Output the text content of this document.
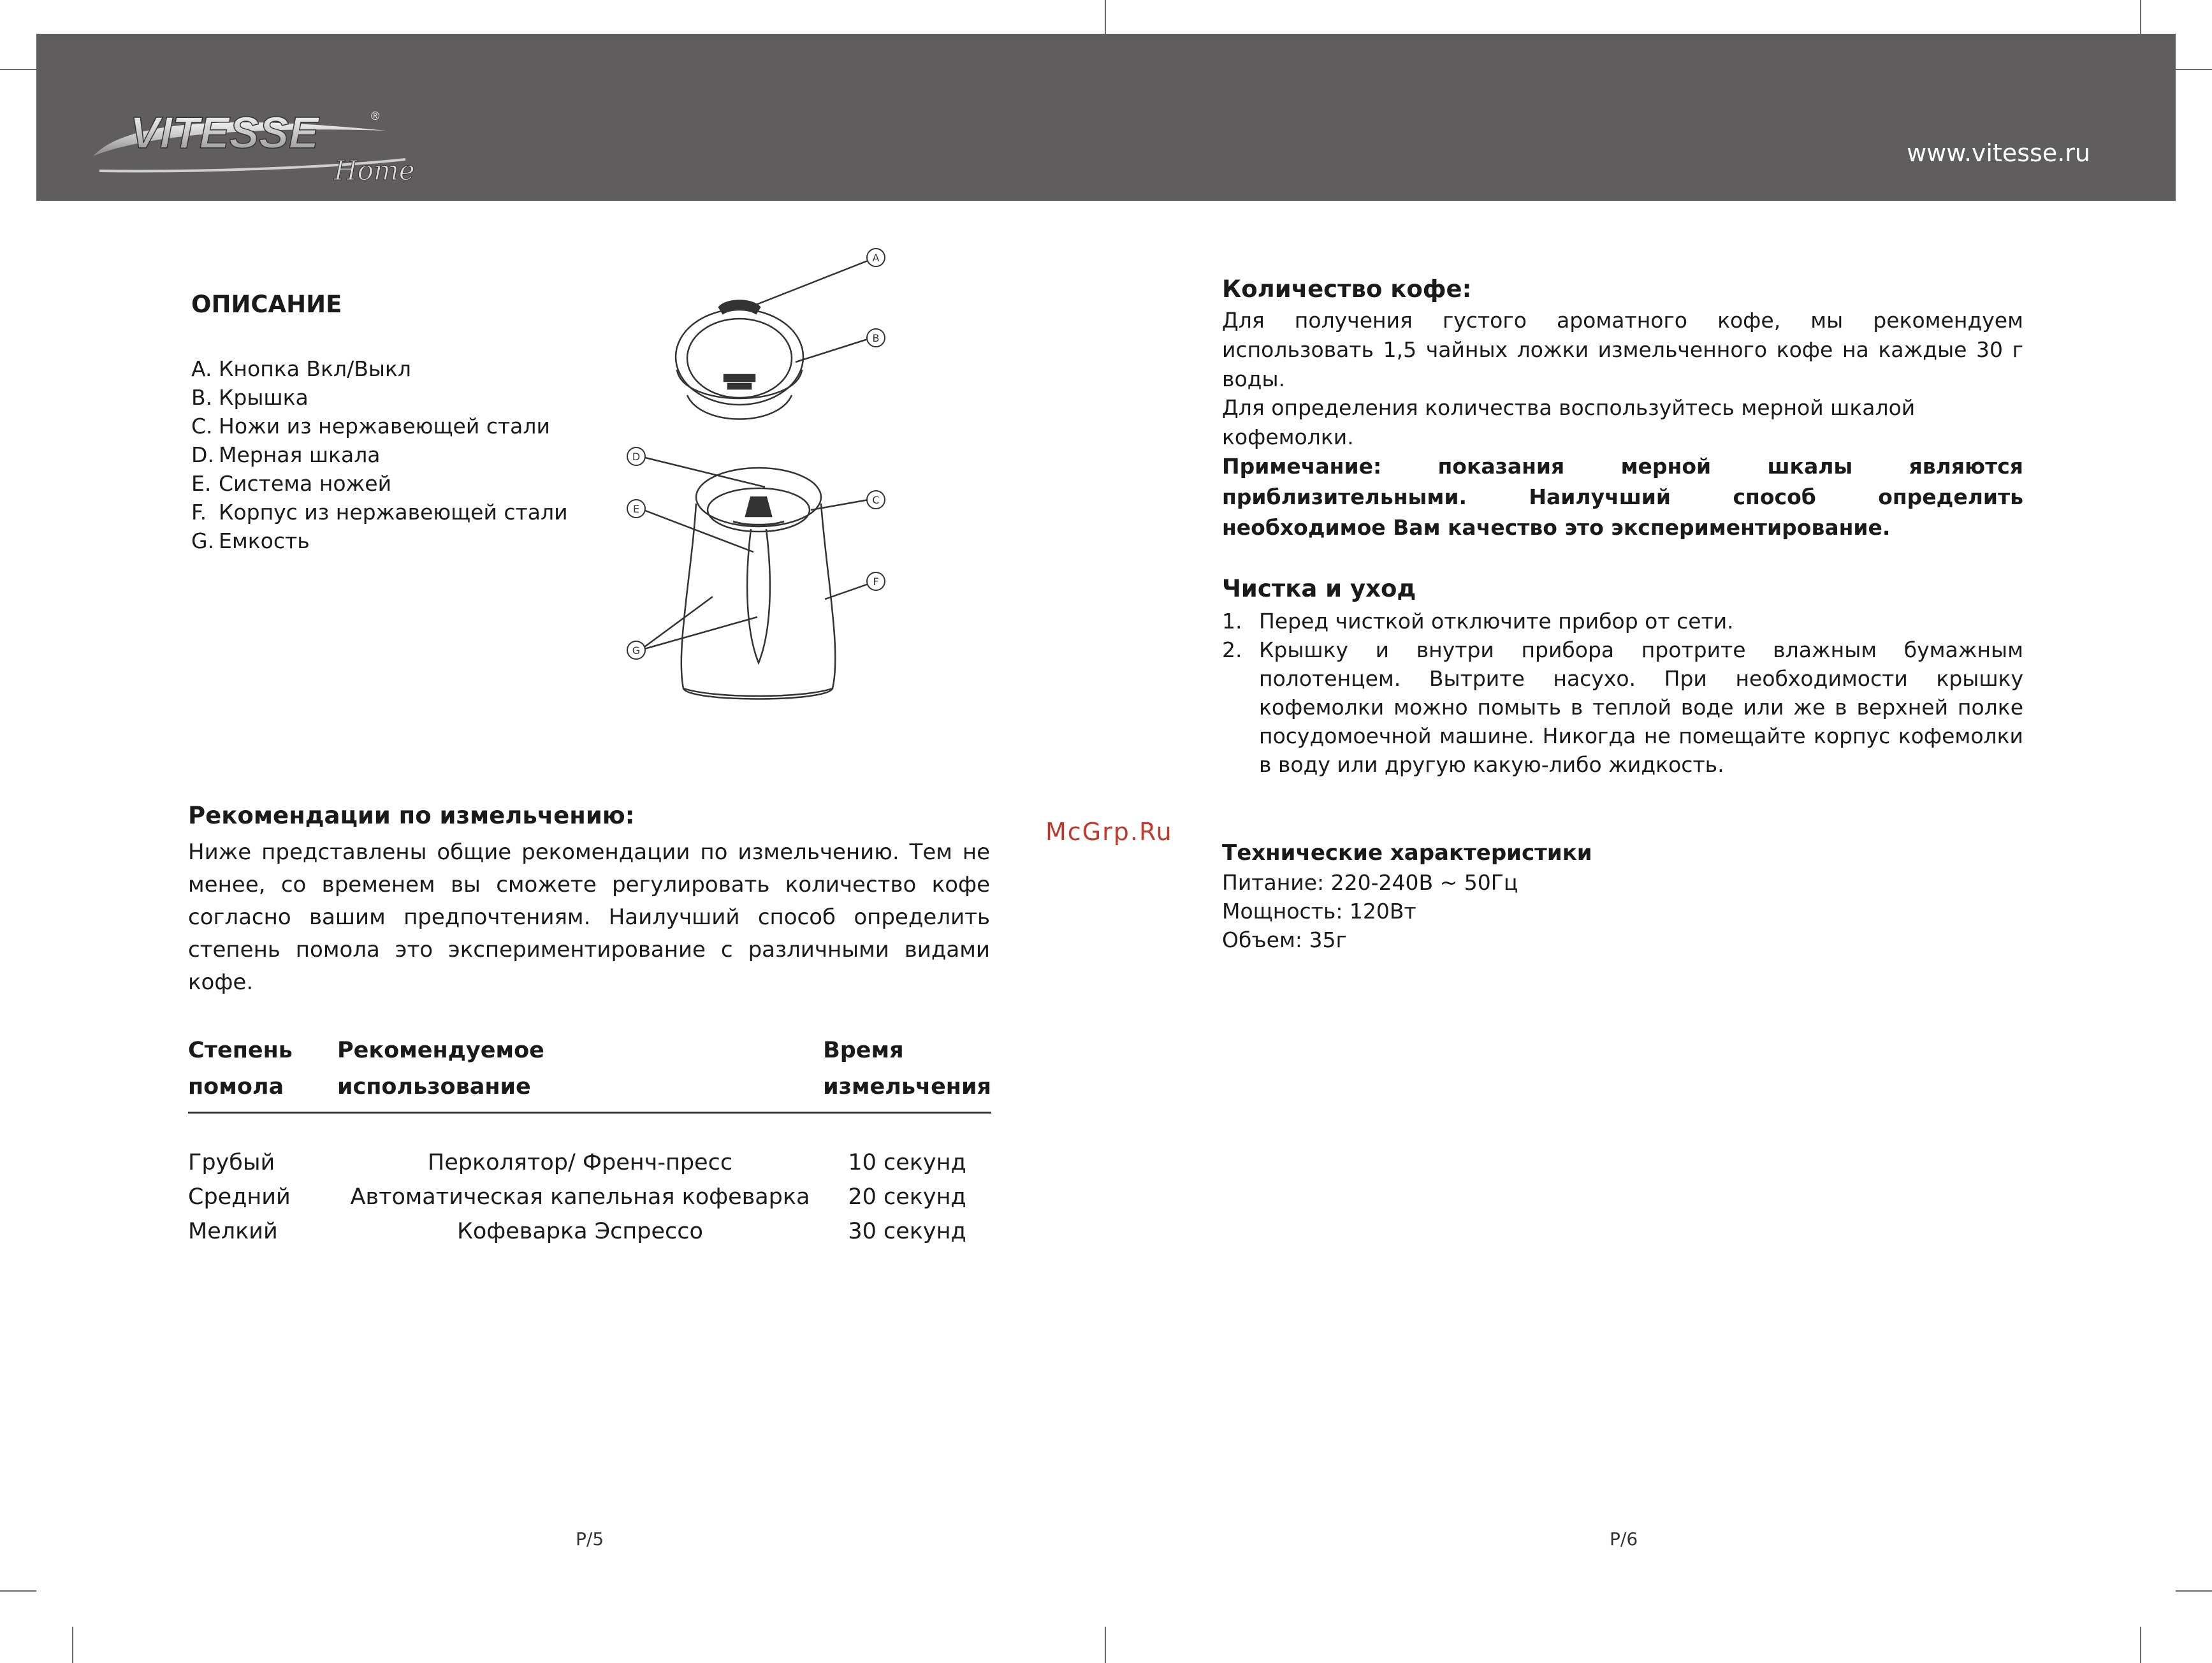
www.vitesse.ru
VITESSE	®
Home
ОПИСАНИЕ
A. Кнопка Вкл/Выкл
B. Крышка
C. Ножи из нержавеющей стали
D. Мерная шкала
E. Система ножей
F. Корпус из нержавеющей стали
G. Емкость
A
B
C
D
E
F
G
Рекомендации по измельчению:
Ниже представлены общие рекомендации по измельчению. Тем не менее, со временем вы сможете регулировать количество кофе согласно вашим предпочтениям. Наилучший способ определить степень помола это экспериментирование с различными видами кофе.
Степень	Рекомендуемое	Время
помола	использование	измельчения

Грубый	Перколятор/ Френч-пресс	10 секунд
Средний	Автоматическая капельная кофеварка	20 секунд
Мелкий	Кофеварка Эспрессо	30 секунд
P/5
McGrp.Ru
Количество кофе:
Для получения густого ароматного кофе, мы рекомендуем использовать 1,5 чайных ложки измельченного кофе на каждые 30 г воды.
Для определения количества воспользуйтесь мерной шкалой кофемолки.
Примечание: показания мерной шкалы являются приблизительными. Наилучший способ определить необходимое Вам качество это экспериментирование.
Чистка и уход
1. Перед чисткой отключите прибор от сети.
2. Крышку и внутри прибора протрите влажным бумажным полотенцем. Вытрите насухо. При необходимости крышку кофемолки можно помыть в теплой воде или же в верхней полке посудомоечной машине. Никогда не помещайте корпус кофемолки в воду или другую какую-либо жидкость.
Технические характеристики
Питание: 220-240В ~ 50Гц
Мощность: 120Вт
Объем: 35г
P/6
